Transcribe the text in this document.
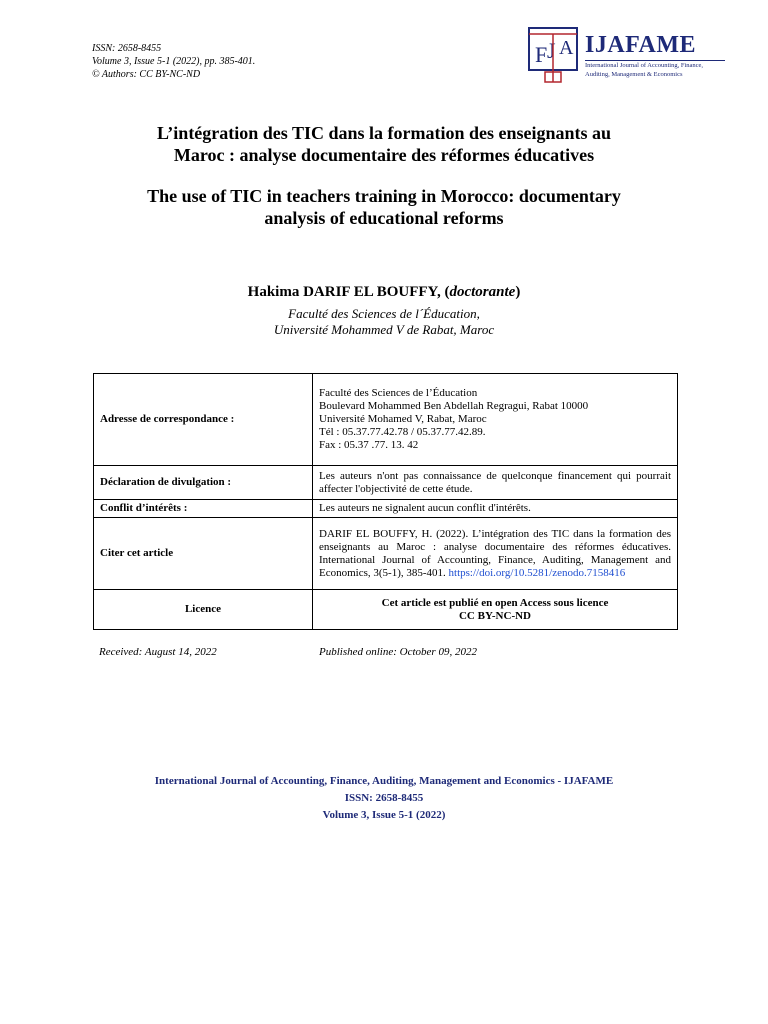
ISSN: 2658-8455
Volume 3, Issue 5-1 (2022), pp. 385-401.
© Authors: CC BY-NC-ND
F J A IJAFAME
International Journal of Accounting, Finance,
Auditing, Management & Economics
L’intégration des TIC dans la formation des enseignants au
Maroc : analyse documentaire des réformes éducatives
The use of TIC in teachers training in Morocco: documentary
analysis of educational reforms
Hakima DARIF EL BOUFFY, (doctorante)
Faculté des Sciences de l´Éducation,
Université Mohammed V de Rabat, Maroc
Adresse de correspondance :	Faculté des Sciences de l’Éducation
Boulevard Mohammed Ben Abdellah Regragui, Rabat 10000
Université Mohamed V, Rabat, Maroc
Tél : 05.37.77.42.78 / 05.37.77.42.89.
Fax : 05.37 .77. 13. 42

Déclaration de divulgation :	Les auteurs n'ont pas connaissance de quelconque financement qui pourrait affecter l'objectivité de cette étude.
Conflit d’intérêts :	Les auteurs ne signalent aucun conflit d'intérêts.
Citer cet article	DARIF EL BOUFFY, H. (2022). L’intégration des TIC dans la formation des enseignants au Maroc : analyse documentaire des réformes éducatives. International Journal of Accounting, Finance, Auditing, Management and Economics, 3(5-1), 385-401. https://doi.org/10.5281/zenodo.7158416
Licence	Cet article est publié en open Access sous licence
CC BY-NC-ND
Received: August 14, 2022	Published online: October 09, 2022
International Journal of Accounting, Finance, Auditing, Management and Economics - IJAFAME
ISSN: 2658-8455
Volume 3, Issue 5-1 (2022)
